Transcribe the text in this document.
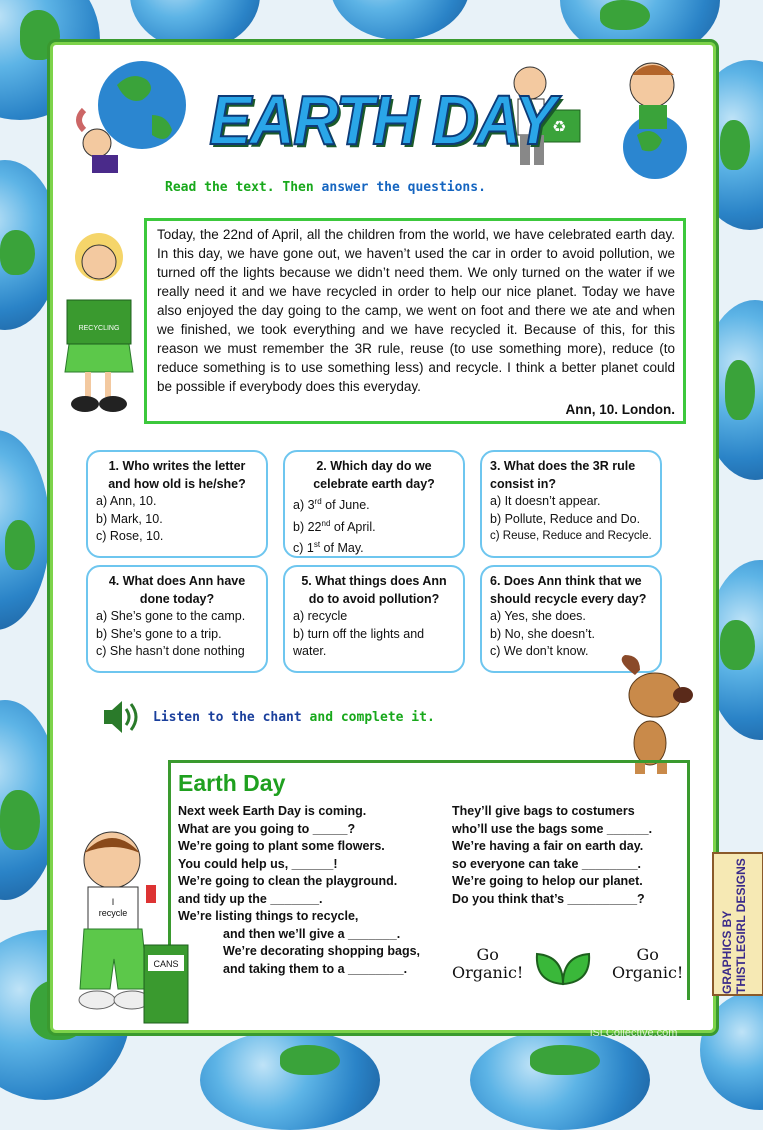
♻
EARTH DAY
Read the text. Then answer the questions.
RECYCLING
Today, the 22nd of April, all the children from the world, we have celebrated earth day. In this day, we have gone out, we haven’t used the car in order to avoid pollution, we turned off the lights because we didn’t need them. We only turned on the water if we really need it and we have recycled in order to help our nice planet. Today we have also enjoyed the day going to the camp, we went on foot and there we ate and when we finished, we took everything and we have recycled it. Because of this, for this reason we must remember the 3R rule, reuse (to use something more), reduce (to reduce something is to use something less) and recycle. I think a better planet could be possible if everybody does this everyday.
Ann, 10. London.
1. Who writes the letter and how old is he/she?
a) Ann, 10.
b) Mark, 10.
c) Rose, 10.
2. Which day do we celebrate earth day?
a) 3rd of June.
b) 22nd of April.
c) 1st of May.
3. What does the 3R rule consist in?
a) It doesn’t appear.
b) Pollute, Reduce and Do.
c) Reuse, Reduce and Recycle.
4. What does Ann have done today?
a) She’s gone to the camp.
b) She’s gone to a trip.
c) She hasn’t done nothing
5. What things does Ann do to avoid pollution?
a) recycle
b) turn off the lights and water.
6. Does Ann think that we should recycle every day?
a) Yes, she does.
b) No, she doesn’t.
c) We don’t know.
Listen to the chant and complete it.
Earth Day
Next week Earth Day is coming.
What are you going to _____?
We’re going to plant some flowers.
You could help us, ______!
We’re going to clean the playground.
and tidy up the _______.
We’re listing things to recycle,
and then we’ll give a _______.
We’re decorating shopping bags,
and taking them to a ________.
They’ll give bags to costumers
who’ll use the bags some ______.
We’re having a fair on earth day.
so everyone can take ________.
We’re going to helop our planet.
Do you think that’s __________?
Go
Organic!
Go
Organic!
I recycle
CANS	GRAPHICS BY THISTLEGIRL DESIGNS
iSLCollective.com
